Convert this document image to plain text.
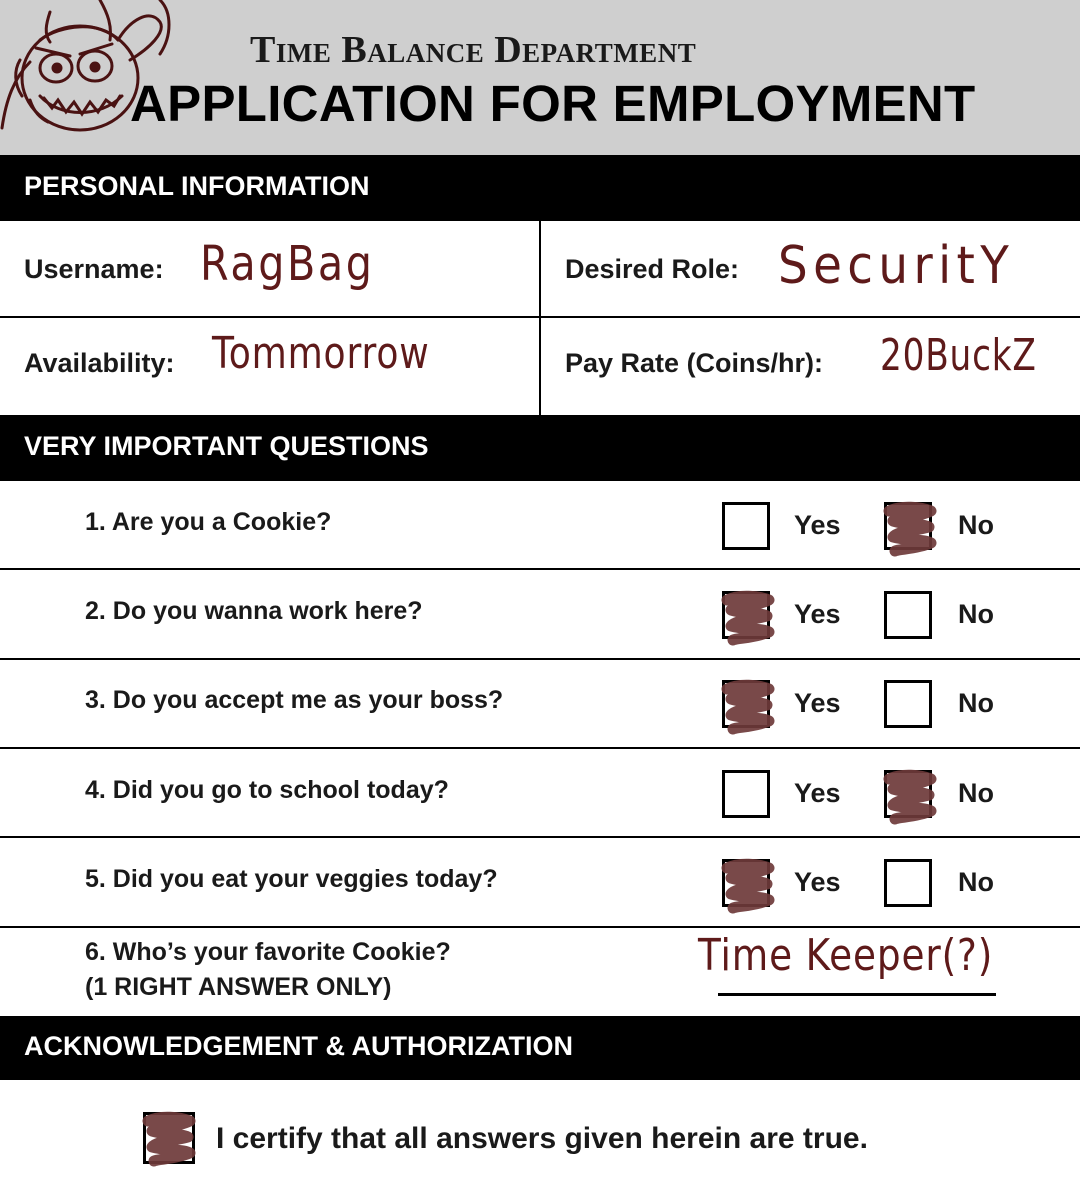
Time Balance Department
APPLICATION FOR EMPLOYMENT
PERSONAL INFORMATION
Username: RagBag	Desired Role: SecuritY
Availability: Tommorrow	Pay Rate (Coins/hr): 20BuckZ
VERY IMPORTANT QUESTIONS
1. Are you a Cookie?	Yes	No
2. Do you wanna work here?	Yes	No
3. Do you accept me as your boss?	Yes	No
4. Did you go to school today?	Yes	No
5. Did you eat your veggies today?	Yes	No
6. Who’s your favorite Cookie?
(1 RIGHT ANSWER ONLY)
Time Keeper(?)
ACKNOWLEDGEMENT & AUTHORIZATION
I certify that all answers given herein are true.
